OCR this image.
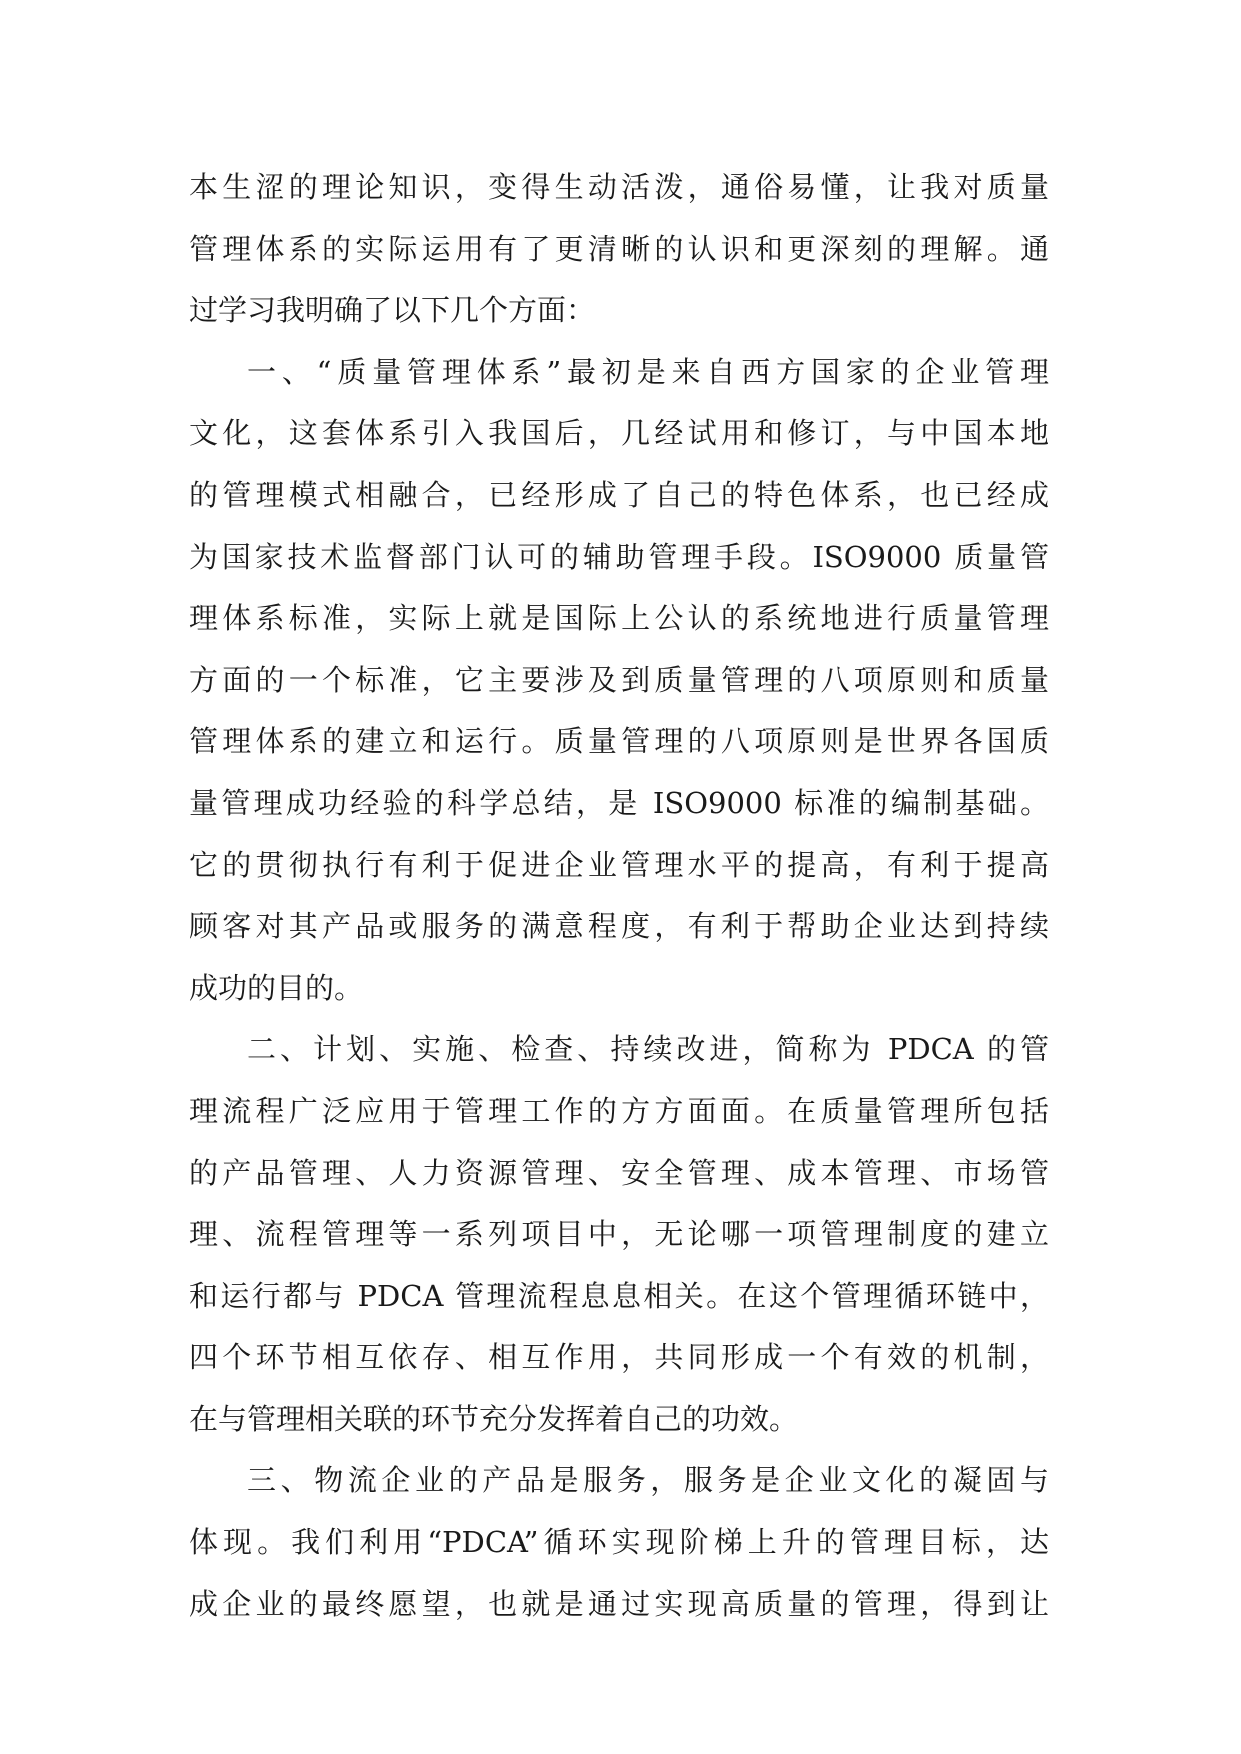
本生涩的理论知识，变得生动活泼，通俗易懂，让我对质量
管理体系的实际运用有了更清晰的认识和更深刻的理解。通
过学习我明确了以下几个方面：
一、“质量管理体系”最初是来自西方国家的企业管理
文化，这套体系引入我国后，几经试用和修订，与中国本地
的管理模式相融合，已经形成了自己的特色体系，也已经成
为国家技术监督部门认可的辅助管理手段。ISO9000 质量管
理体系标准，实际上就是国际上公认的系统地进行质量管理
方面的一个标准，它主要涉及到质量管理的八项原则和质量
管理体系的建立和运行。质量管理的八项原则是世界各国质
量管理成功经验的科学总结，是 ISO9000 标准的编制基础。
它的贯彻执行有利于促进企业管理水平的提高，有利于提高
顾客对其产品或服务的满意程度，有利于帮助企业达到持续
成功的目的。
二、计划、实施、检查、持续改进，简称为 PDCA 的管
理流程广泛应用于管理工作的方方面面。在质量管理所包括
的产品管理、人力资源管理、安全管理、成本管理、市场管
理、流程管理等一系列项目中，无论哪一项管理制度的建立
和运行都与 PDCA 管理流程息息相关。在这个管理循环链中，
四个环节相互依存、相互作用，共同形成一个有效的机制，
在与管理相关联的环节充分发挥着自己的功效。
三、物流企业的产品是服务，服务是企业文化的凝固与
体现。我们利用“PDCA”循环实现阶梯上升的管理目标，达
成企业的最终愿望，也就是通过实现高质量的管理，得到让
